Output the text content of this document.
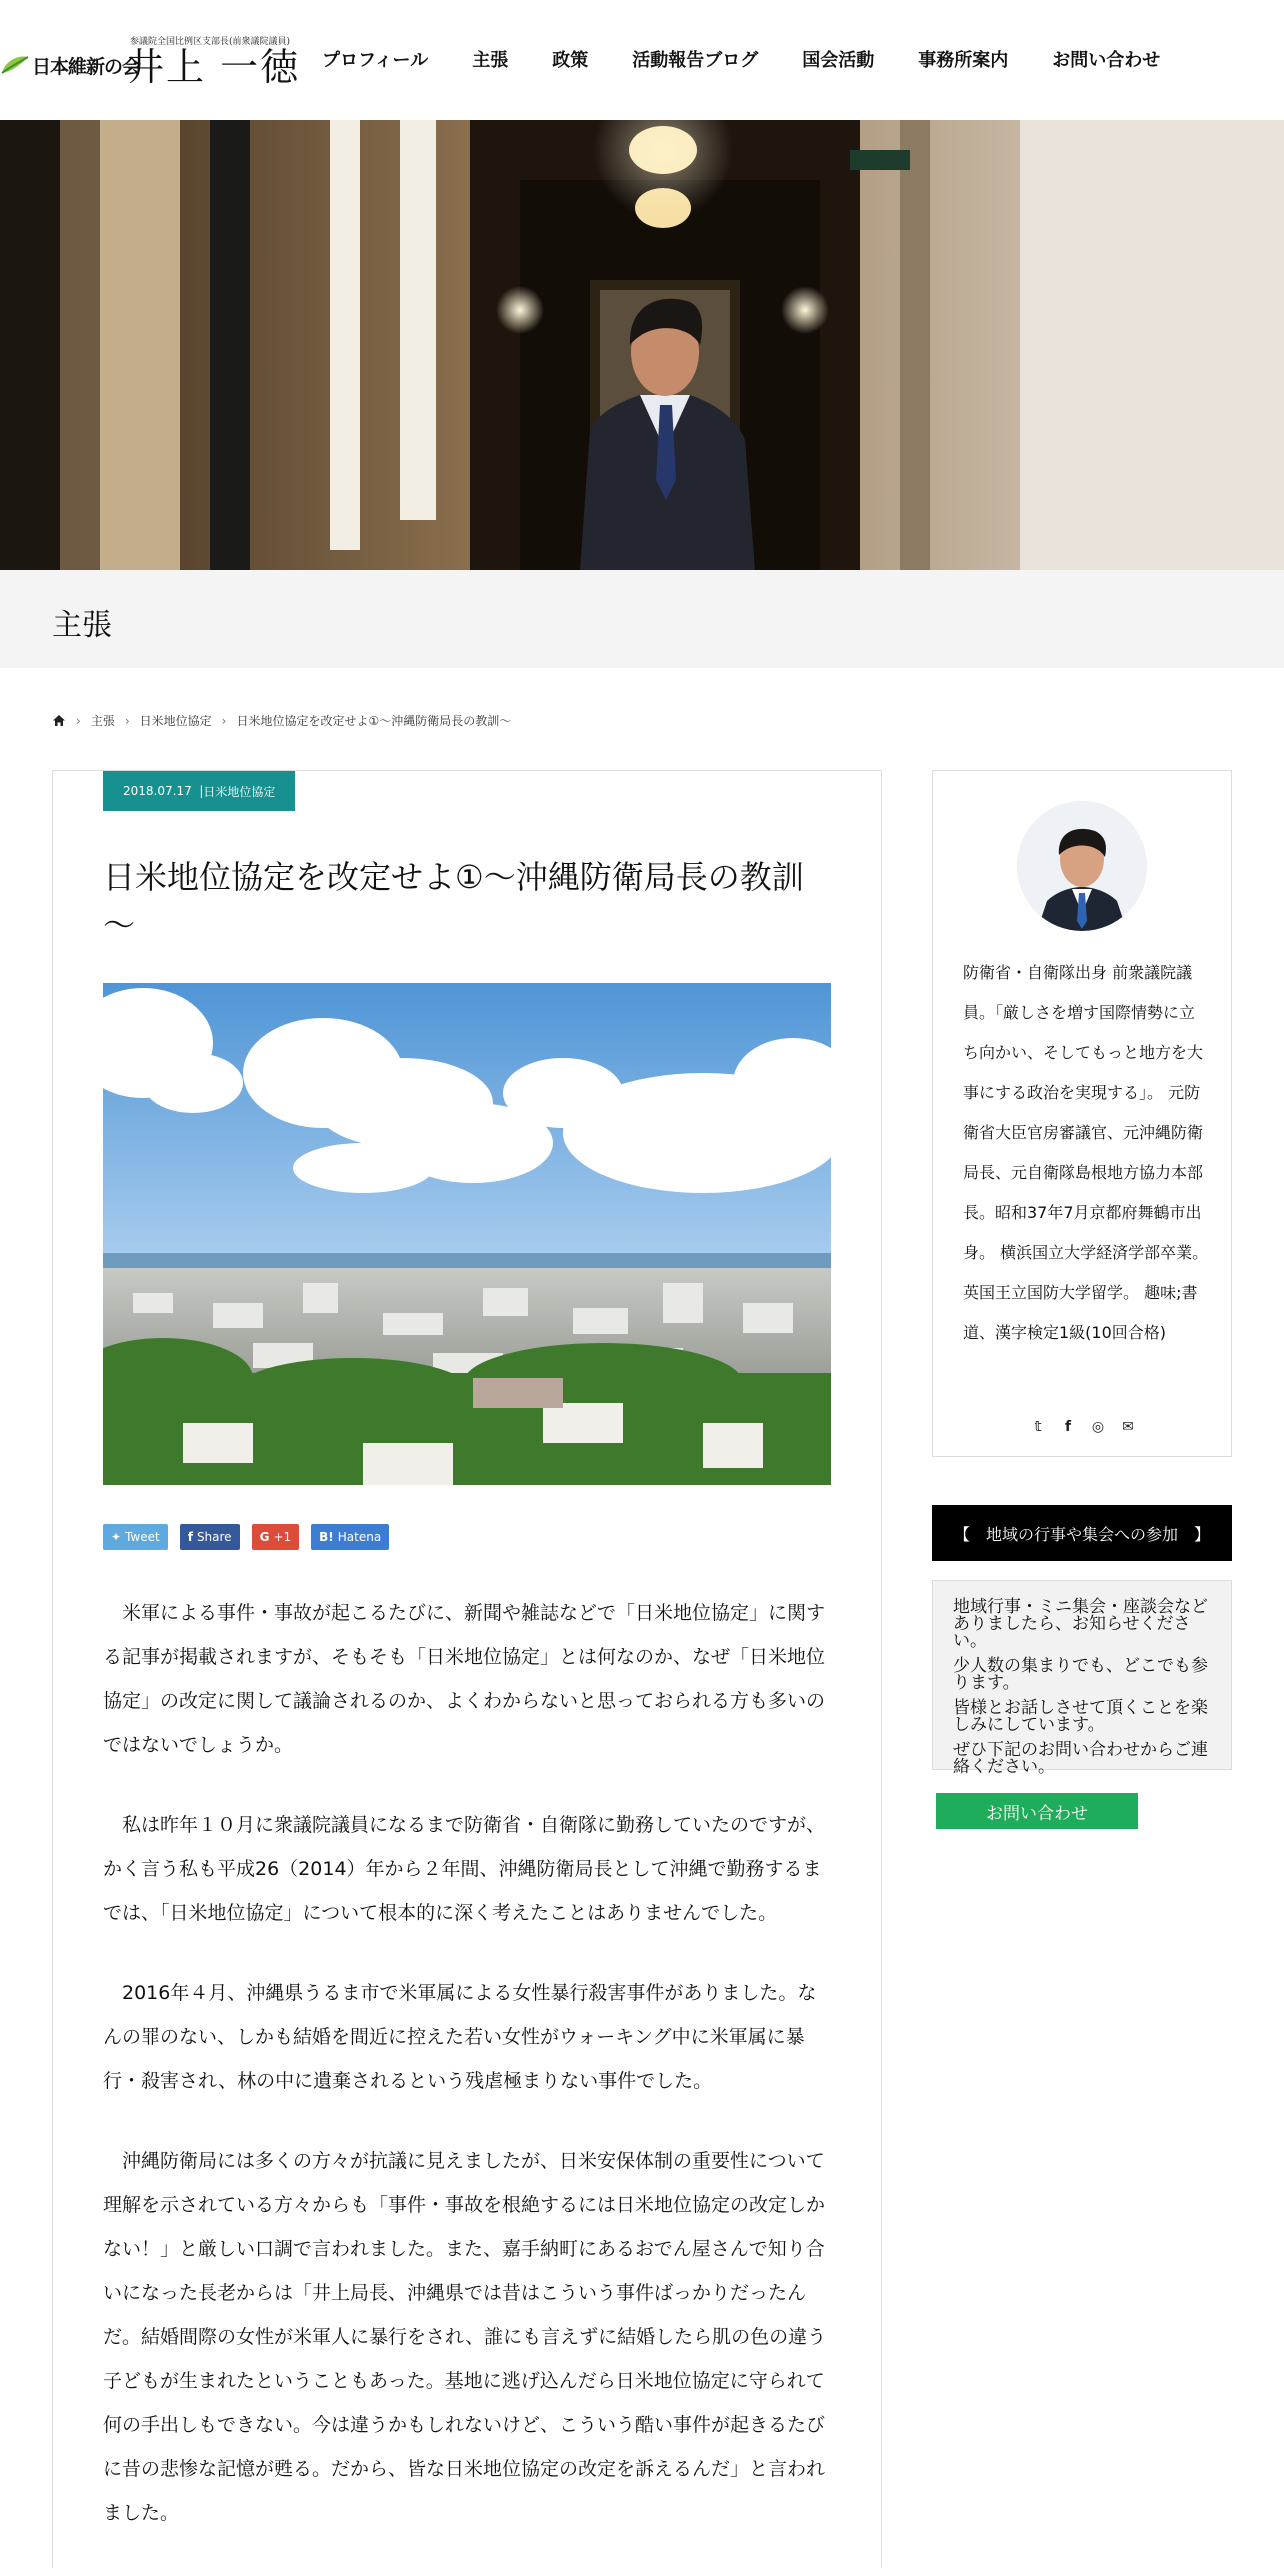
日本維新の会
参議院全国比例区支部長(前衆議院議員)
井上 一徳 プロフィール 主張 政策 活動報告ブログ 国会活動 事務所案内 お問い合わせ
主張
› 主張 › 日米地位協定 › 日米地位協定を改定せよ①～沖縄防衛局長の教訓～
2018.07.17 | 日米地位協定
日米地位協定を改定せよ①～沖縄防衛局長の教訓～
✦ Tweet f Share G +1 B! Hatena

米軍による事件・事故が起こるたびに、新聞や雑誌などで「日米地位協定」に関する記事が掲載されますが、そもそも「日米地位協定」とは何なのか、なぜ「日米地位協定」の改定に関して議論されるのか、よくわからないと思っておられる方も多いのではないでしょうか。

私は昨年１０月に衆議院議員になるまで防衛省・自衛隊に勤務していたのですが、かく言う私も平成26（2014）年から２年間、沖縄防衛局長として沖縄で勤務するまでは、「日米地位協定」について根本的に深く考えたことはありませんでした。

2016年４月、沖縄県うるま市で米軍属による女性暴行殺害事件がありました。なんの罪のない、しかも結婚を間近に控えた若い女性がウォーキング中に米軍属に暴行・殺害され、林の中に遺棄されるという残虐極まりない事件でした。

沖縄防衛局には多くの方々が抗議に見えましたが、日米安保体制の重要性について理解を示されている方々からも「事件・事故を根絶するには日米地位協定の改定しかない！」と厳しい口調で言われました。また、嘉手納町にあるおでん屋さんで知り合いになった長老からは「井上局長、沖縄県では昔はこういう事件ばっかりだったんだ。結婚間際の女性が米軍人に暴行をされ、誰にも言えずに結婚したら肌の色の違う子どもが生まれたということもあった。基地に逃げ込んだら日米地位協定に守られて何の手出しもできない。今は違うかもしれないけど、こういう酷い事件が起きるたびに昔の悲惨な記憶が甦る。だから、皆な日米地位協定の改定を訴えるんだ」と言われました。

防衛省・自衛隊出身 前衆議院議員。「厳しさを増す国際情勢に立ち向かい、そしてもっと地方を大事にする政治を実現する」。 元防衛省大臣官房審議官、元沖縄防衛局長、元自衛隊島根地方協力本部長。昭和37年7月京都府舞鶴市出身。 横浜国立大学経済学部卒業。英国王立国防大学留学。 趣味;書道、漢字検定1級(10回合格)
𝕥	f	◎	✉
【　地域の行事や集会への参加　】

地域行事・ミニ集会・座談会などありましたら、お知らせください。

少人数の集まりでも、どこでも参ります。

皆様とお話しさせて頂くことを楽しみにしています。

ぜひ下記のお問い合わせからご連絡ください。

お問い合わせ
